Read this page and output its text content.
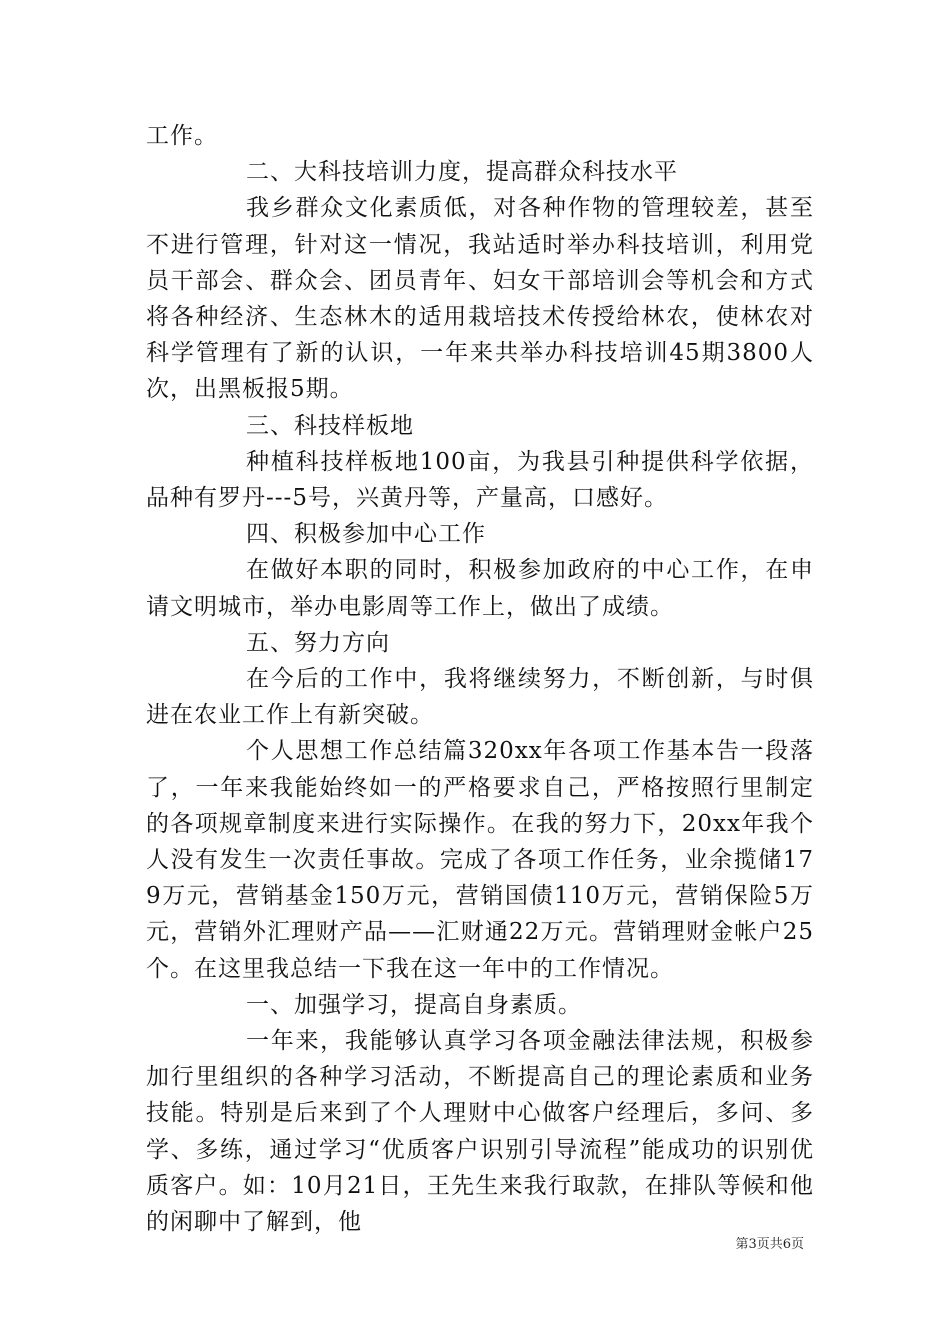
工作。

二、大科技培训力度，提高群众科技水平

我乡群众文化素质低，对各种作物的管理较差，甚至不进行管理，针对这一情况，我站适时举办科技培训，利用党员干部会、群众会、团员青年、妇女干部培训会等机会和方式将各种经济、生态林木的适用栽培技术传授给林农，使林农对科学管理有了新的认识，一年来共举办科技培训45期3800人次，出黑板报5期。

三、科技样板地

种植科技样板地100亩，为我县引种提供科学依据，品种有罗丹---5号，兴黄丹等，产量高，口感好。

四、积极参加中心工作

在做好本职的同时，积极参加政府的中心工作，在申请文明城市，举办电影周等工作上，做出了成绩。

五、努力方向

在今后的工作中，我将继续努力，不断创新，与时俱进在农业工作上有新突破。

个人思想工作总结篇320xx年各项工作基本告一段落了，一年来我能始终如一的严格要求自己，严格按照行里制定的各项规章制度来进行实际操作。在我的努力下，20xx年我个人没有发生一次责任事故。完成了各项工作任务，业余揽储179万元，营销基金150万元，营销国债110万元，营销保险5万元，营销外汇理财产品——汇财通22万元。营销理财金帐户25个。在这里我总结一下我在这一年中的工作情况。

一、加强学习，提高自身素质。

一年来，我能够认真学习各项金融法律法规，积极参加行里组织的各种学习活动，不断提高自己的理论素质和业务技能。特别是后来到了个人理财中心做客户经理后，多问、多学、多练，通过学习“优质客户识别引导流程”能成功的识别优质客户。如：10月21日，王先生来我行取款，在排队等候和他的闲聊中了解到，他

第3页共6页
